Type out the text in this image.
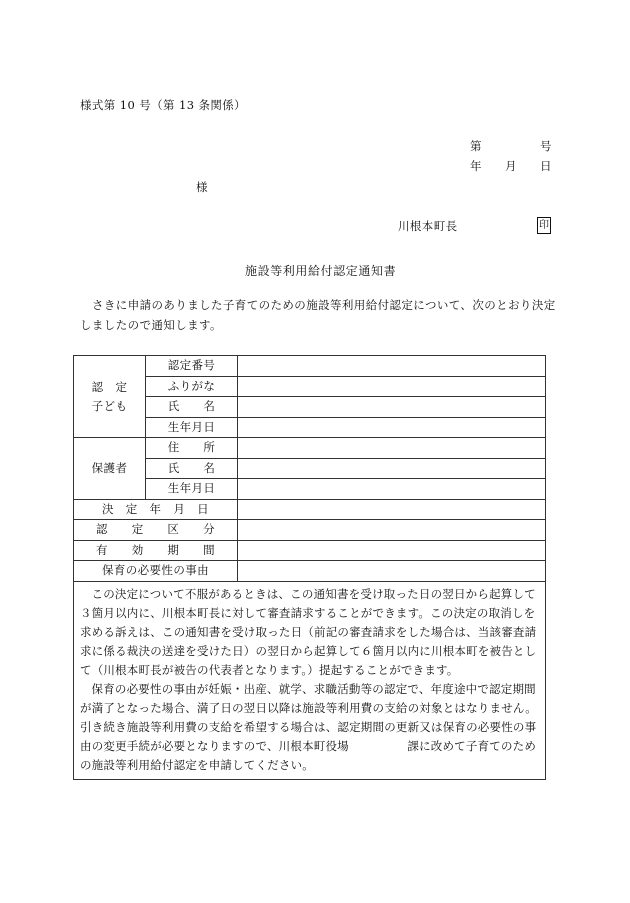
様式第 10 号（第 13 条関係）
第	号
年 月 日
様
川根本町長	印
施設等利用給付認定通知書
さきに申請のありました子育てのための施設等利用給付認定について、次のとおり決定
しましたので通知します。
認　定
子ども	認定番号	
	ふりがな	
	氏　　名	
	生年月日	
保護者	住　　所	
	氏　　名	
	生年月日	
決　定　年　月　日		
認　　定　　区　　分		
有　　効　　期　　間		
保育の必要性の事由		

この決定について不服があるときは、この通知書を受け取った日の翌日から起算して３箇月以内に、川根本町長に対して審査請求することができます。この決定の取消しを求める訴えは、この通知書を受け取った日（前記の審査請求をした場合は、当該審査請求に係る裁決の送達を受けた日）の翌日から起算して６箇月以内に川根本町を被告として（川根本町長が被告の代表者となります。）提起することができます。

保育の必要性の事由が妊娠・出産、就学、求職活動等の認定で、年度途中で認定期間が満了となった場合、満了日の翌日以降は施設等利用費の支給の対象とはなりません。引き続き施設等利用費の支給を希望する場合は、認定期間の更新又は保育の必要性の事由の変更手続が必要となりますので、川根本町役場　　　　　課に改めて子育てのための施設等利用給付認定を申請してください。		
